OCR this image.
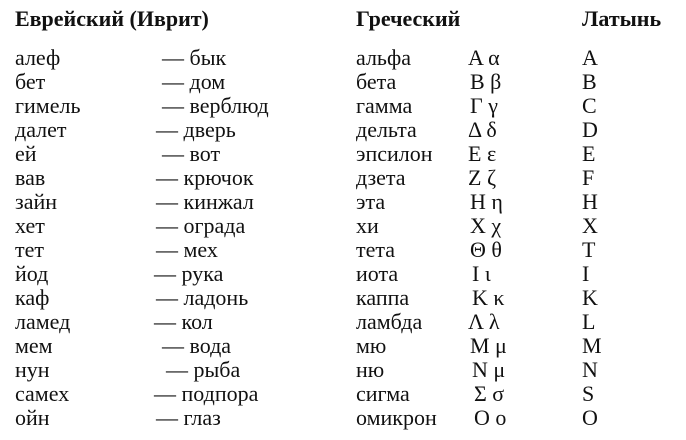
Еврейский (Иврит)	Греческий	Латынь
алеф	— бык	альфа	Α α	A
бет	— дом	бета	Β β	B
гимель	— верблюд	гамма	Γ γ	C
далет	— дверь	дельта Δ δ	D
ей	— вот	эпсилон Ε ε	E
вав	— крючок	дзета	Ζ ζ	F
зайн	— кинжал	эта	Η η	H
хет	— ограда	хи	Χ χ	X
тет	— мех	тета	Θ θ	T
йод	— рука	иота	Ι ι	I
каф	— ладонь	каппа	Κ κ	K
ламед	— кол	ламбда Λ λ	L
мем	— вода	мю	Μ μ	M
нун	— рыба	ню	Ν μ	N
самех	— подпора	сигма	Σ σ	S
ойн	— глаз	омикрон Ο ο	O
